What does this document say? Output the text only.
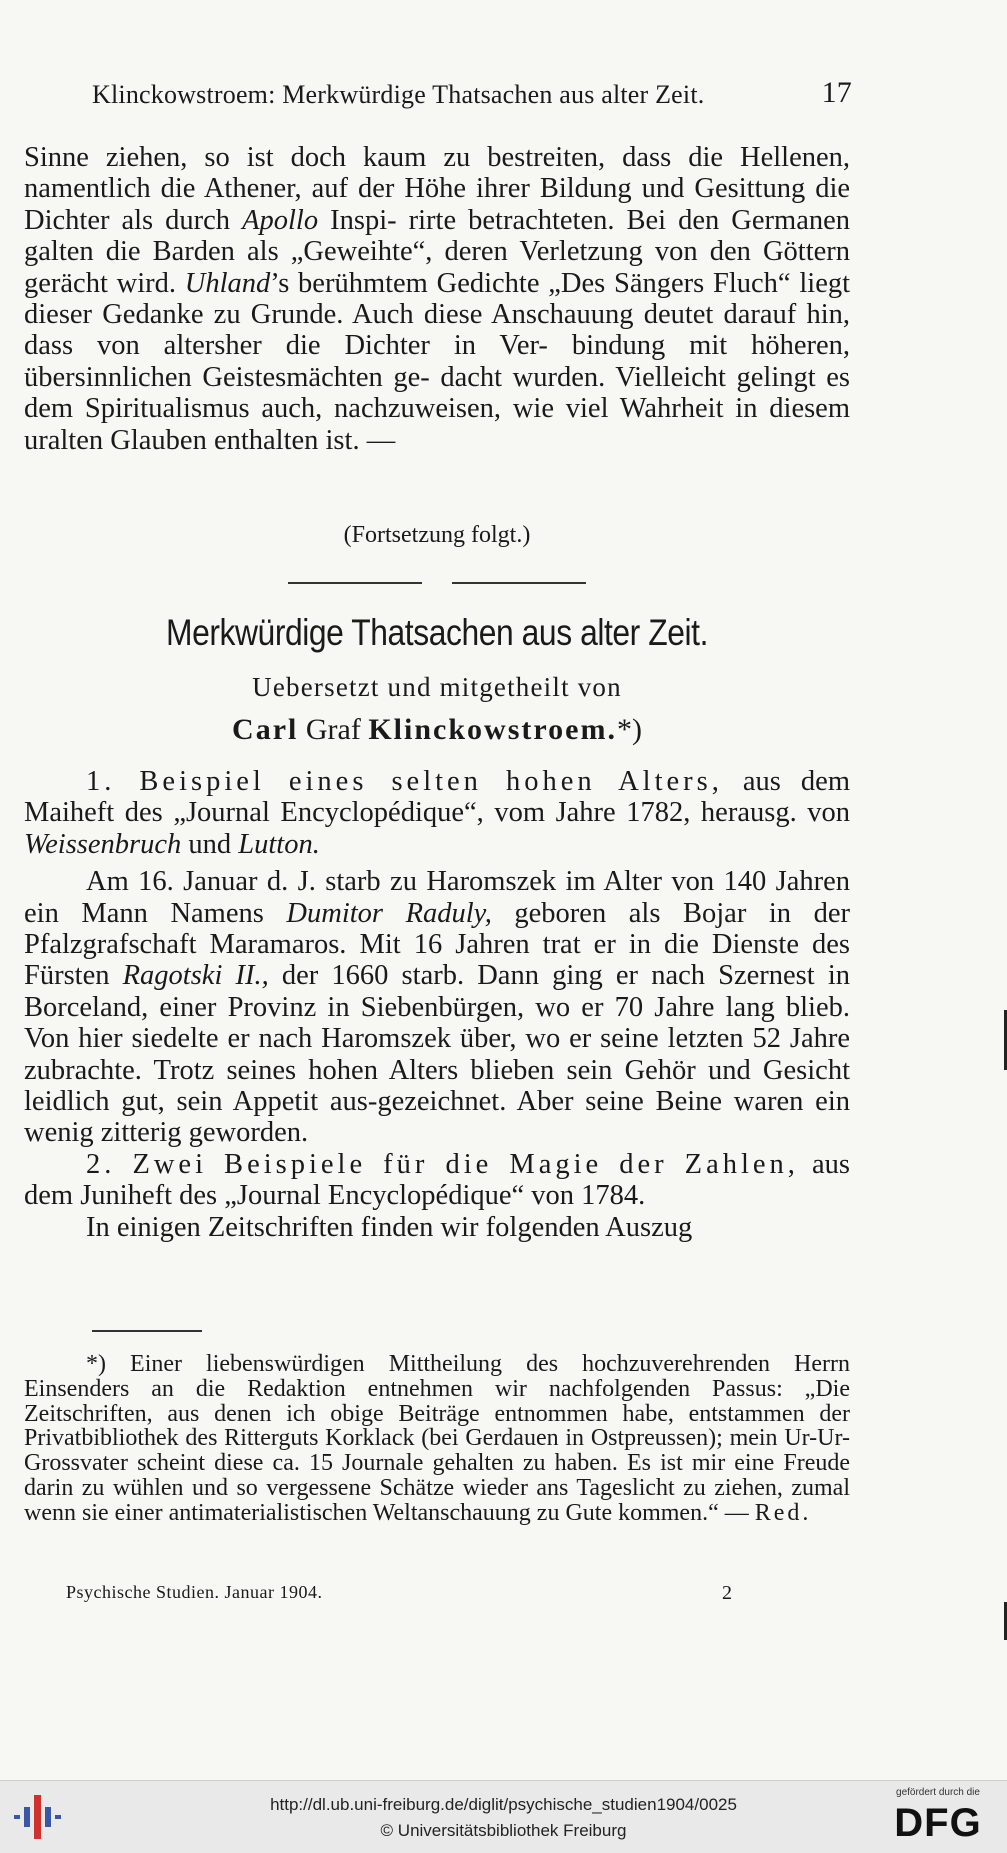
Klinckowstroem: Merkwürdige Thatsachen aus alter Zeit.	17

Sinne ziehen, so ist doch kaum zu bestreiten, dass die Hellenen, namentlich die Athener, auf der Höhe ihrer Bildung und Gesittung die Dichter als durch Apollo Inspi- rirte betrachteten. Bei den Germanen galten die Barden als „Geweihte“, deren Verletzung von den Göttern gerächt wird. Uhland’s berühmtem Gedichte „Des Sängers Fluch“ liegt dieser Gedanke zu Grunde. Auch diese Anschauung deutet darauf hin, dass von altersher die Dichter in Ver- bindung mit höheren, übersinnlichen Geistesmächten ge- dacht wurden. Vielleicht gelingt es dem Spiritualismus auch, nachzuweisen, wie viel Wahrheit in diesem uralten Glauben enthalten ist. —

(Fortsetzung folgt.)
Merkwürdige Thatsachen aus alter Zeit.
Uebersetzt und mitgetheilt von
Carl Graf Klinckowstroem.*)

1. Beispiel eines selten hohen Alters, aus dem Maiheft des „Journal Encyclopédique“, vom Jahre 1782, herausg. von Weissenbruch und Lutton.

Am 16. Januar d. J. starb zu Haromszek im Alter von 140 Jahren ein Mann Namens Dumitor Raduly, geboren als Bojar in der Pfalzgrafschaft Maramaros. Mit 16 Jahren trat er in die Dienste des Fürsten Ragotski II., der 1660 starb. Dann ging er nach Szernest in Borceland, einer Provinz in Siebenbürgen, wo er 70 Jahre lang blieb. Von hier siedelte er nach Haromszek über, wo er seine letzten 52 Jahre zubrachte. Trotz seines hohen Alters blieben sein Gehör und Gesicht leidlich gut, sein Appetit aus-gezeichnet. Aber seine Beine waren ein wenig zitterig geworden.

2. Zwei Beispiele für die Magie der Zahlen, aus dem Juniheft des „Journal Encyclopédique“ von 1784.

In einigen Zeitschriften finden wir folgenden Auszug

*) Einer liebenswürdigen Mittheilung des hochzuverehrenden Herrn Einsenders an die Redaktion entnehmen wir nachfolgenden Passus: „Die Zeitschriften, aus denen ich obige Beiträge entnommen habe, entstammen der Privatbibliothek des Ritterguts Korklack (bei Gerdauen in Ostpreussen); mein Ur-Ur-Grossvater scheint diese ca. 15 Journale gehalten zu haben. Es ist mir eine Freude darin zu wühlen und so vergessene Schätze wieder ans Tageslicht zu ziehen, zumal wenn sie einer antimaterialistischen Weltanschauung zu Gute kommen.“ — Red.

Psychische Studien. Januar 1904.	2
http://dl.ub.uni-freiburg.de/diglit/psychische_studien1904/0025
© Universitätsbibliothek Freiburg
gefördert durch die
DFG
